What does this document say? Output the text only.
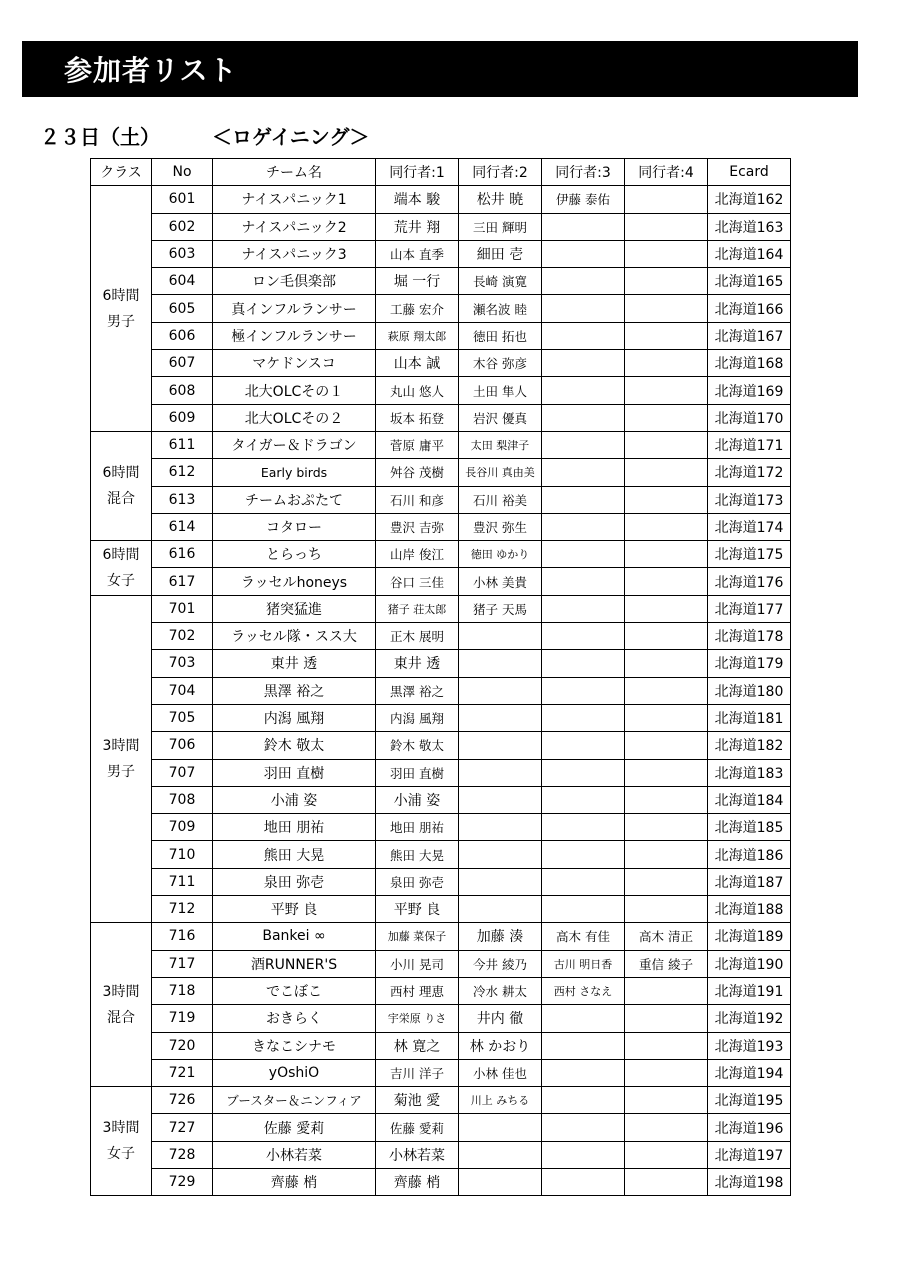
参加者リスト
２３日（土）	＜ロゲイニング＞
クラス	No	チーム名	同行者:1	同行者:2	同行者:3	同行者:4	Ecard

6時間
男子	601	ナイスパニック1	端本 駿	松井 暁	伊藤 泰佑		北海道162
	602	ナイスパニック2	荒井 翔	三田 輝明			北海道163
	603	ナイスパニック3	山本 直季	細田 壱			北海道164
	604	ロン毛倶楽部	堀 一行	長崎 演寛			北海道165
	605	真インフルランサー	工藤 宏介	瀬名波 睦			北海道166
	606	極インフルランサー	萩原 翔太郎	徳田 拓也			北海道167
	607	マケドンスコ	山本 誠	木谷 弥彦			北海道168
	608	北大OLCその１	丸山 悠人	土田 隼人			北海道169
	609	北大OLCその２	坂本 拓登	岩沢 優真			北海道170

6時間
混合	611	タイガー＆ドラゴン	菅原 庸平	太田 梨津子			北海道171
	612	Early birds	舛谷 茂樹	長谷川 真由美			北海道172
	613	チームおぷたて	石川 和彦	石川 裕美			北海道173
	614	コタロー	豊沢 吉弥	豊沢 弥生			北海道174

6時間
女子	616	とらっち	山岸 俊江	徳田 ゆかり			北海道175
	617	ラッセルhoneys	谷口 三佳	小林 美貴			北海道176

3時間
男子	701	猪突猛進	猪子 荘太郎	猪子 天馬			北海道177
	702	ラッセル隊・スス大	正木 展明				北海道178
	703	東井 透	東井 透				北海道179
	704	黒澤 裕之	黒澤 裕之				北海道180
	705	内潟 風翔	内潟 風翔				北海道181
	706	鈴木 敬太	鈴木 敬太				北海道182
	707	羽田 直樹	羽田 直樹				北海道183
	708	小浦 姿	小浦 姿				北海道184
	709	地田 朋祐	地田 朋祐				北海道185
	710	熊田 大晃	熊田 大晃				北海道186
	711	泉田 弥壱	泉田 弥壱				北海道187
	712	平野 良	平野 良				北海道188

3時間
混合	716	Bankei ∞	加藤 菜保子	加藤 湊	高木 有佳	高木 清正	北海道189
	717	酒RUNNER'S	小川 晃司	今井 綾乃	古川 明日香	重信 綾子	北海道190
	718	でこぼこ	西村 理恵	冷水 耕太	西村 さなえ		北海道191
	719	おきらく	宇栄原 りさ	井内 徹			北海道192
	720	きなこシナモ	林 寛之	林 かおり			北海道193
	721	yOshiO	吉川 洋子	小林 佳也			北海道194

3時間
女子	726	ブースター＆ニンフィア	菊池 愛	川上 みちる			北海道195
	727	佐藤 愛莉	佐藤 愛莉				北海道196
	728	小林若菜	小林若菜				北海道197
	729	齊藤 梢	齊藤 梢				北海道198
